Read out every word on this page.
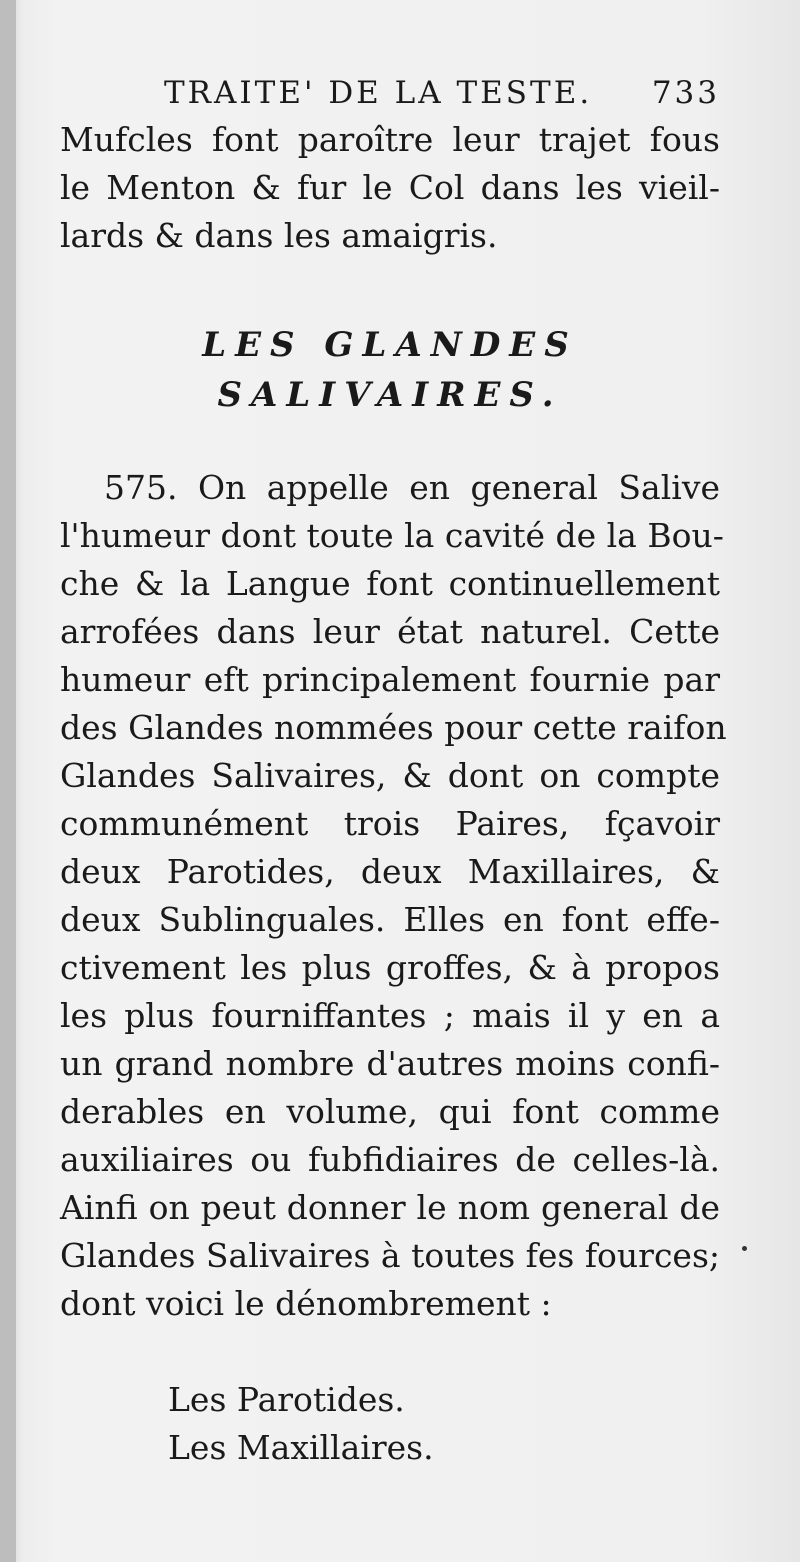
TRAITE' DE LA TESTE. 733
Mufcles font paroître leur trajet fous
le Menton & fur le Col dans les vieil-
lards & dans les amaigris.
LES GLANDES
SALIVAIRES.
575. On appelle en general Salive
l'humeur dont toute la cavité de la Bou-
che & la Langue font continuellement
arrofées dans leur état naturel. Cette
humeur eft principalement fournie par
des Glandes nommées pour cette raifon
Glandes Salivaires, & dont on compte
communément trois Paires, fçavoir
deux Parotides, deux Maxillaires, &
deux Sublinguales. Elles en font effe-
ctivement les plus groffes, & à propos
les plus fourniffantes ; mais il y en a
un grand nombre d'autres moins confi-
derables en volume, qui font comme
auxiliaires ou fubfidiaires de celles-là.
Ainfi on peut donner le nom general de
Glandes Salivaires à toutes fes fources;
dont voici le dénombrement :
Les Parotides.
Les Maxillaires.
